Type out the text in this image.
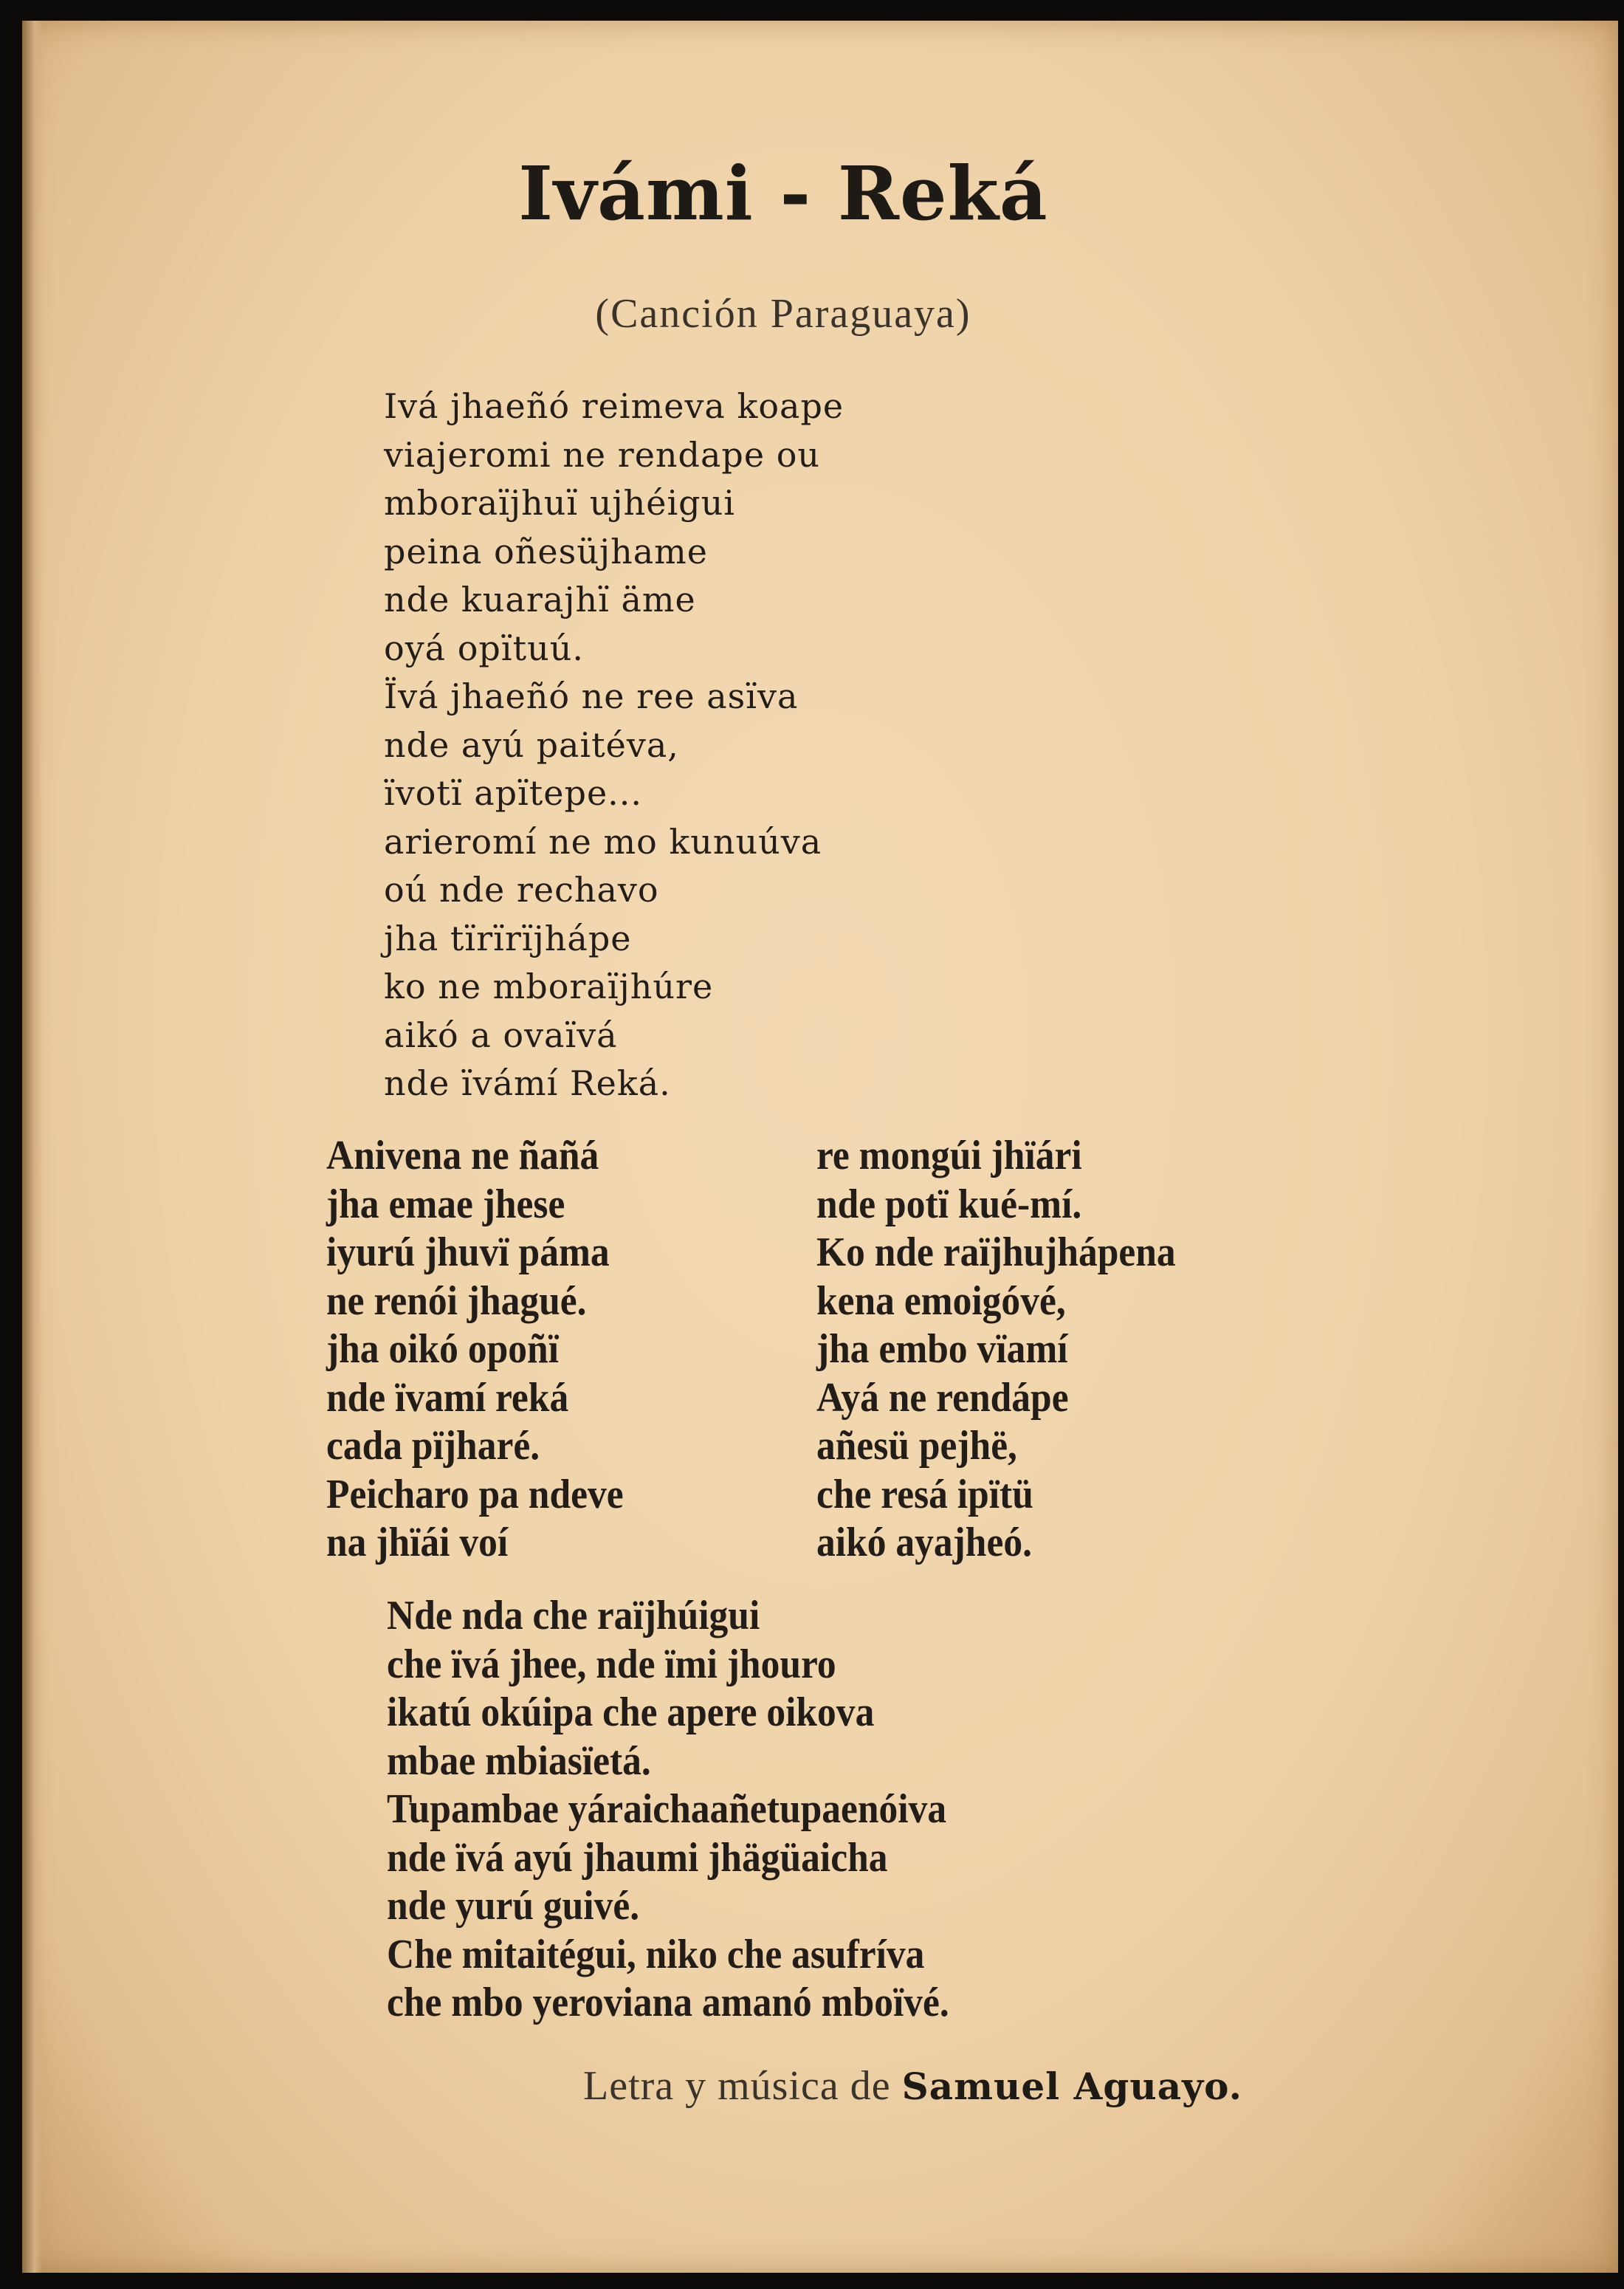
Ivámi - Reká
(Canción Paraguaya)
Ivá jhaeñó reimeva koape
viajeromi ne rendape ou
mboraïjhuï ujhéigui
peina oñesüjhame
nde kuarajhï äme
oyá opïtuú.
Ïvá jhaeñó ne ree asïva
nde ayú paitéva,
ïvotï apïtepe...
arieromí ne mo kunuúva
oú nde rechavo
jha tïrïrïjhápe
ko ne mboraïjhúre
aikó a ovaïvá
nde ïvámí Reká.
Anivena ne ñañá
jha emae jhese
iyurú jhuvï páma
ne renói jhagué.
jha oikó opoñï
nde ïvamí reká
cada pïjharé.
Peicharo pa ndeve
na jhïái voí
re mongúi jhïári
nde potï kué-mí.
Ko nde raïjhujhápena
kena emoigóvé,
jha embo vïamí
Ayá ne rendápe
añesü pejhë,
che resá ipïtü
aikó ayajheó.
Nde nda che raïjhúigui
che ïvá jhee, nde ïmi jhouro
ikatú okúipa che apere oikova
mbae mbiasïetá.
Tupambae yáraichaañetupaenóiva
nde ïvá ayú jhaumi jhägüaicha
nde yurú guivé.
Che mitaitégui, niko che asufríva
che mbo yeroviana amanó mboïvé.
Letra y música de Samuel Aguayo.
